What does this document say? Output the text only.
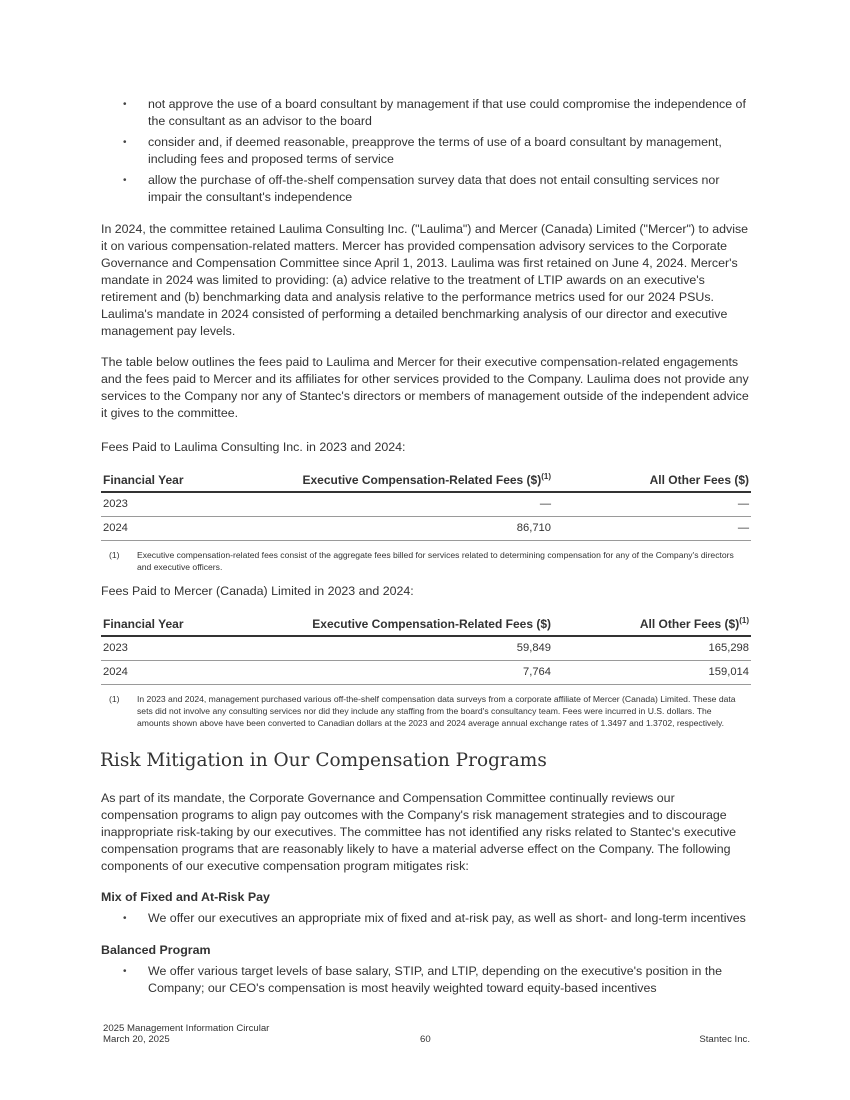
• not approve the use of a board consultant by management if that use could compromise the independence of the consultant as an advisor to the board
• consider and, if deemed reasonable, preapprove the terms of use of a board consultant by management, including fees and proposed terms of service
• allow the purchase of off-the-shelf compensation survey data that does not entail consulting services nor impair the consultant's independence

In 2024, the committee retained Laulima Consulting Inc. ("Laulima") and Mercer (Canada) Limited ("Mercer") to advise it on various compensation-related matters. Mercer has provided compensation advisory services to the Corporate Governance and Compensation Committee since April 1, 2013. Laulima was first retained on June 4, 2024. Mercer's mandate in 2024 was limited to providing: (a) advice relative to the treatment of LTIP awards on an executive's retirement and (b) benchmarking data and analysis relative to the performance metrics used for our 2024 PSUs. Laulima's mandate in 2024 consisted of performing a detailed benchmarking analysis of our director and executive management pay levels.

The table below outlines the fees paid to Laulima and Mercer for their executive compensation-related engagements and the fees paid to Mercer and its affiliates for other services provided to the Company. Laulima does not provide any services to the Company nor any of Stantec's directors or members of management outside of the independent advice it gives to the committee.

Fees Paid to Laulima Consulting Inc. in 2023 and 2024:

Financial Year	Executive Compensation-Related Fees ($)$^{(1)}$	All Other Fees ($)
2023	—	—
2024	86,710	—
(1)	Executive compensation-related fees consist of the aggregate fees billed for services related to determining compensation for any of the Company's directors and executive officers.

Fees Paid to Mercer (Canada) Limited in 2023 and 2024:

Financial Year	Executive Compensation-Related Fees ($)	All Other Fees ($)$^{(1)}$
2023	59,849	165,298
2024	7,764	159,014
(1)	In 2023 and 2024, management purchased various off-the-shelf compensation data surveys from a corporate affiliate of Mercer (Canada) Limited. These data sets did not involve any consulting services nor did they include any staffing from the board's consultancy team. Fees were incurred in U.S. dollars. The amounts shown above have been converted to Canadian dollars at the 2023 and 2024 average annual exchange rates of 1.3497 and 1.3702, respectively.
Risk Mitigation in Our Compensation Programs

As part of its mandate, the Corporate Governance and Compensation Committee continually reviews our compensation programs to align pay outcomes with the Company's risk management strategies and to discourage inappropriate risk-taking by our executives. The committee has not identified any risks related to Stantec's executive compensation programs that are reasonably likely to have a material adverse effect on the Company. The following components of our executive compensation program mitigates risk:

Mix of Fixed and At-Risk Pay
• We offer our executives an appropriate mix of fixed and at-risk pay, as well as short- and long-term incentives
Balanced Program
• We offer various target levels of base salary, STIP, and LTIP, depending on the executive's position in the Company; our CEO's compensation is most heavily weighted toward equity-based incentives
2025 Management Information Circular
March 20, 2025	60	Stantec Inc.
